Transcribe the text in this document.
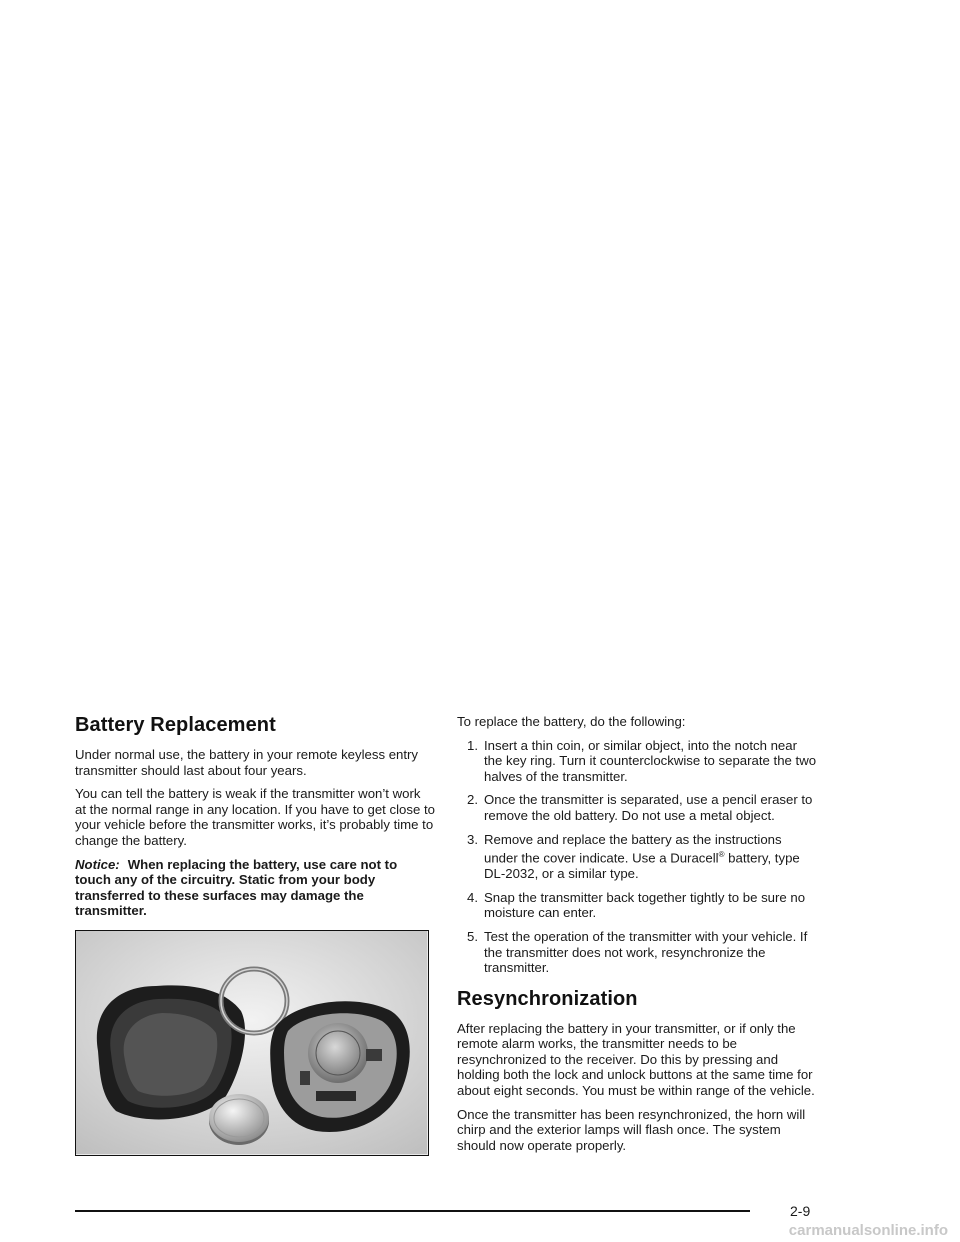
Battery Replacement

Under normal use, the battery in your remote keyless entry transmitter should last about four years.

You can tell the battery is weak if the transmitter won’t work at the normal range in any location. If you have to get close to your vehicle before the transmitter works, it’s probably time to change the battery.

Notice: When replacing the battery, use care not to touch any of the circuitry. Static from your body transferred to these surfaces may damage the transmitter.

To replace the battery, do the following:

1. Insert a thin coin, or similar object, into the notch near the key ring. Turn it counterclockwise to separate the two halves of the transmitter.
2. Once the transmitter is separated, use a pencil eraser to remove the old battery. Do not use a metal object.
3. Remove and replace the battery as the instructions under the cover indicate. Use a Duracell® battery, type DL-2032, or a similar type.
4. Snap the transmitter back together tightly to be sure no moisture can enter.
5. Test the operation of the transmitter with your vehicle. If the transmitter does not work, resynchronize the transmitter.
Resynchronization

After replacing the battery in your transmitter, or if only the remote alarm works, the transmitter needs to be resynchronized to the receiver. Do this by pressing and holding both the lock and unlock buttons at the same time for about eight seconds. You must be within range of the vehicle.

Once the transmitter has been resynchronized, the horn will chirp and the exterior lamps will flash once. The system should now operate properly.

2-9
carmanualsonline.info
